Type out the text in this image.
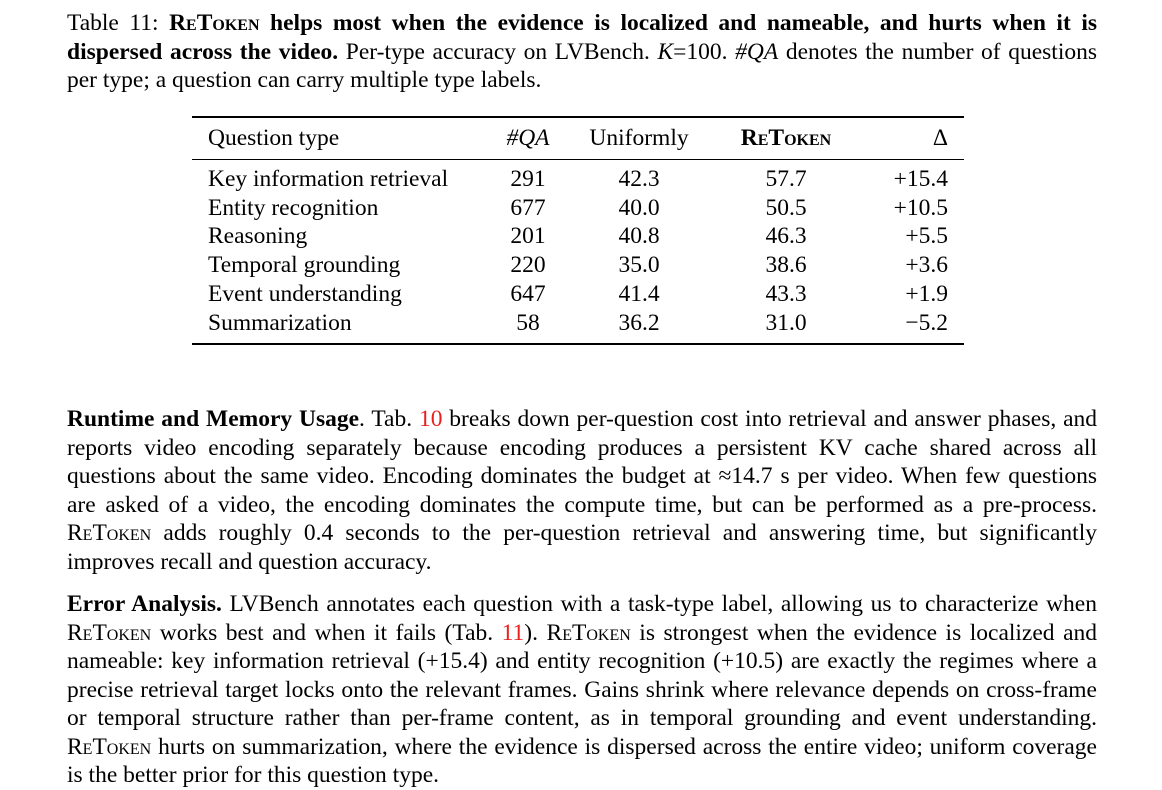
Table 11: ReToken helps most when the evidence is localized and nameable, and hurts when it is dispersed across the video. Per-type accuracy on LVBench. K=100. #QA denotes the number of questions per type; a question can carry multiple type labels.
Question type	#QA	Uniformly	ReToken	Δ
Key information retrieval	291	42.3	57.7	+15.4
Entity recognition	677	40.0	50.5	+10.5
Reasoning	201	40.8	46.3	+5.5
Temporal grounding	220	35.0	38.6	+3.6
Event understanding	647	41.4	43.3	+1.9
Summarization	58	36.2	31.0	−5.2

Runtime and Memory Usage. Tab. 10 breaks down per-question cost into retrieval and answer phases, and reports video encoding separately because encoding produces a persistent KV cache shared across all questions about the same video. Encoding dominates the budget at ≈14.7 s per video. When few questions are asked of a video, the encoding dominates the compute time, but can be performed as a pre-process. ReToken adds roughly 0.4 seconds to the per-question retrieval and answering time, but significantly improves recall and question accuracy.

Error Analysis. LVBench annotates each question with a task-type label, allowing us to characterize when ReToken works best and when it fails (Tab. 11). ReToken is strongest when the evidence is localized and nameable: key information retrieval (+15.4) and entity recognition (+10.5) are exactly the regimes where a precise retrieval target locks onto the relevant frames. Gains shrink where relevance depends on cross-frame or temporal structure rather than per-frame content, as in temporal grounding and event understanding. ReToken hurts on summarization, where the evidence is dispersed across the entire video; uniform coverage is the better prior for this question type.
